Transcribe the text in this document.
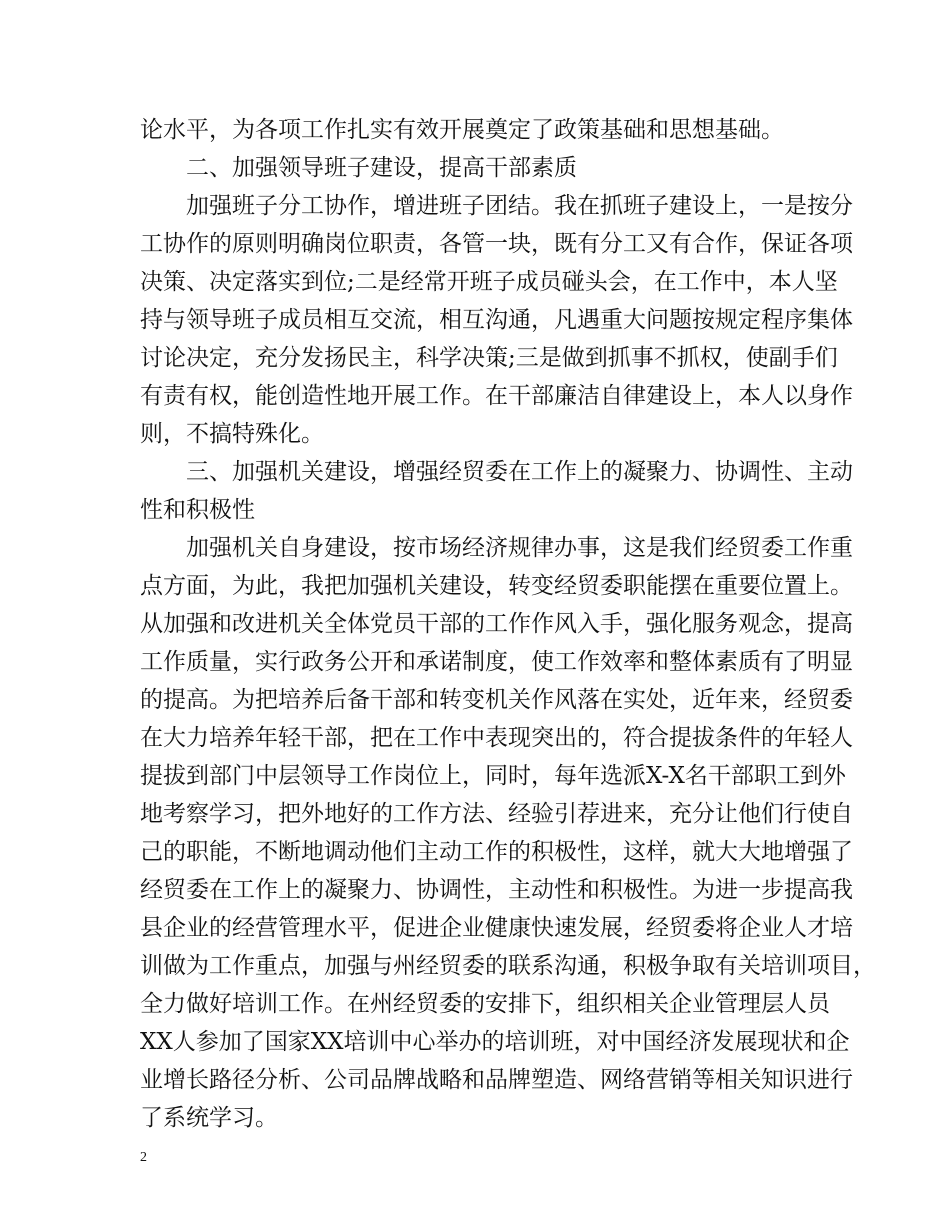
论水平，为各项工作扎实有效开展奠定了政策基础和思想基础。
二、加强领导班子建设，提高干部素质
加强班子分工协作，增进班子团结。我在抓班子建设上，一是按分
工协作的原则明确岗位职责，各管一块，既有分工又有合作，保证各项
决策、决定落实到位;二是经常开班子成员碰头会，在工作中，本人坚
持与领导班子成员相互交流，相互沟通，凡遇重大问题按规定程序集体
讨论决定，充分发扬民主，科学决策;三是做到抓事不抓权，使副手们
有责有权，能创造性地开展工作。在干部廉洁自律建设上，本人以身作
则，不搞特殊化。
三、加强机关建设，增强经贸委在工作上的凝聚力、协调性、主动
性和积极性
加强机关自身建设，按市场经济规律办事，这是我们经贸委工作重
点方面，为此，我把加强机关建设，转变经贸委职能摆在重要位置上。
从加强和改进机关全体党员干部的工作作风入手，强化服务观念，提高
工作质量，实行政务公开和承诺制度，使工作效率和整体素质有了明显
的提高。为把培养后备干部和转变机关作风落在实处，近年来，经贸委
在大力培养年轻干部，把在工作中表现突出的，符合提拔条件的年轻人
提拔到部门中层领导工作岗位上，同时，每年选派X-X名干部职工到外
地考察学习，把外地好的工作方法、经验引荐进来，充分让他们行使自
己的职能，不断地调动他们主动工作的积极性，这样，就大大地增强了
经贸委在工作上的凝聚力、协调性，主动性和积极性。为进一步提高我
县企业的经营管理水平，促进企业健康快速发展，经贸委将企业人才培
训做为工作重点，加强与州经贸委的联系沟通，积极争取有关培训项目，
全力做好培训工作。在州经贸委的安排下，组织相关企业管理层人员
XX人参加了国家XX培训中心举办的培训班，对中国经济发展现状和企
业增长路径分析、公司品牌战略和品牌塑造、网络营销等相关知识进行
了系统学习。
2
